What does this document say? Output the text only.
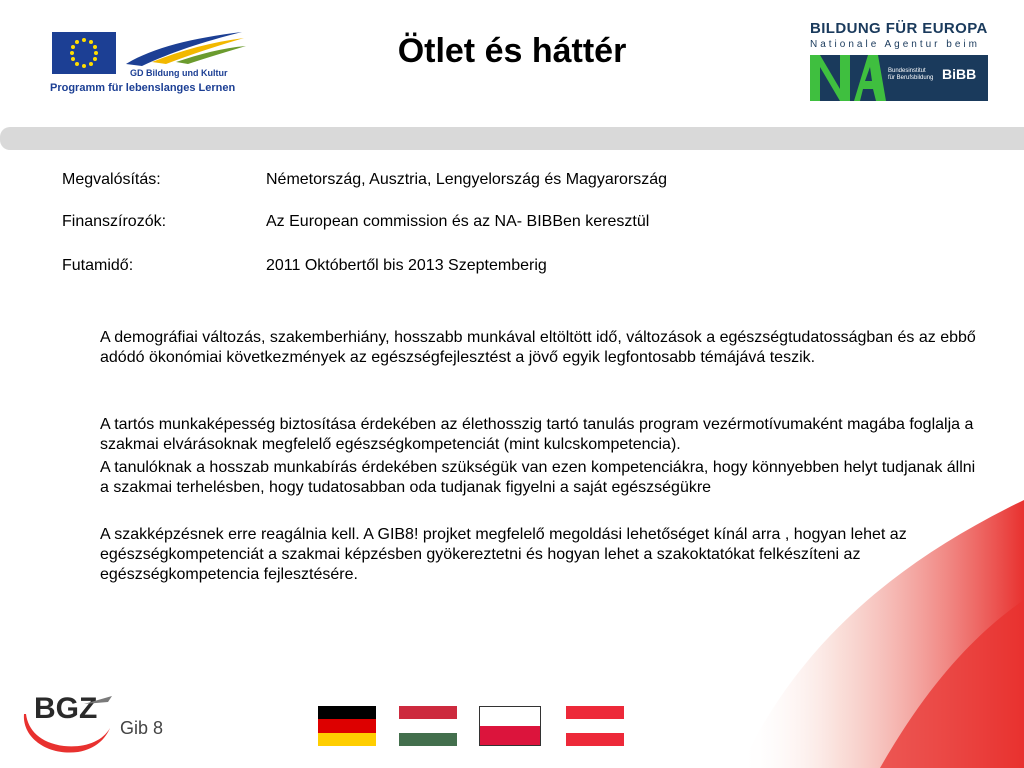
GD Bildung und Kultur
Programm für lebenslanges Lernen
Ötlet és háttér
BILDUNG FÜR EUROPA
Nationale Agentur beim
Bundesinstitut
für Berufsbildung BiBB
Megvalósítás:	Németország, Ausztria, Lengyelország és Magyarország
Finanszírozók:	Az European commission és az NA- BIBBen keresztül
Futamidő:	2011 Októbertől bis 2013 Szeptemberig

A demográfiai változás, szakemberhiány, hosszabb munkával eltöltött idő, változások a egészségtudatosságban és az ebbő adódó ökonómiai következmények az egészségfejlesztést a jövő egyik legfontosabb témájává teszik.

A tartós munkaképesség biztosítása érdekében az élethosszig tartó tanulás program vezérmotívumaként magába foglalja a szakmai elvárásoknak megfelelő egészségkompetenciát (mint kulcskompetencia).

A tanulóknak a hosszab munkabírás érdekében szükségük van ezen kompetenciákra, hogy könnyebben helyt tudjanak állni a szakmai terhelésben, hogy tudatosabban oda tudjanak figyelni a saját egészségükre

A szakképzésnek erre reagálnia kell. A GIB8! projket megfelelő megoldási lehetőséget kínál arra , hogyan lehet az egészségkompetenciát a szakmai képzésben gyökereztetni és hogyan lehet a szakoktatókat felkészíteni az egészségkompetencia fejlesztésére.

BGZ
Gib 8
